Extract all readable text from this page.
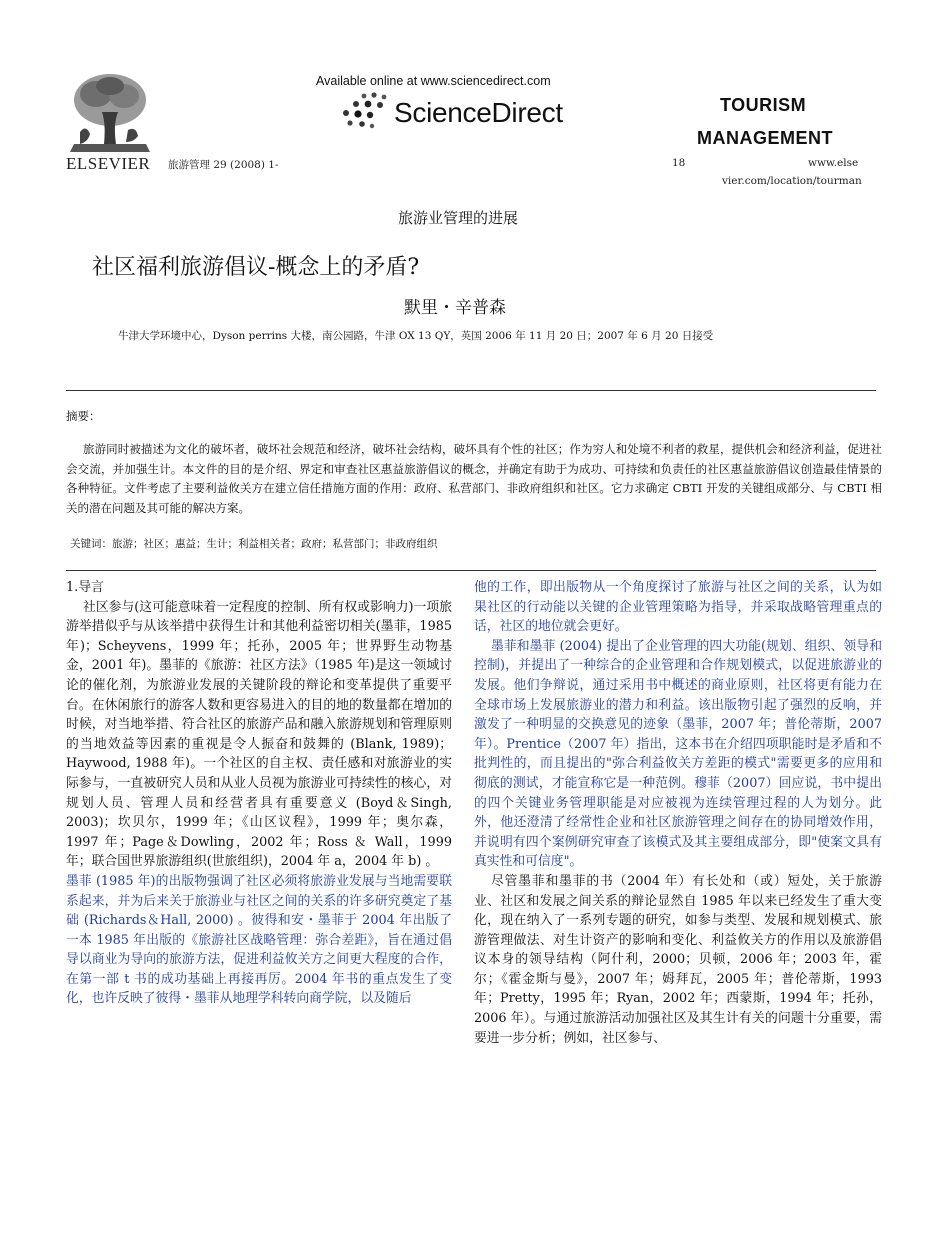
ELSEVIER 旅游管理 29 (2008) 1-	18
Available online at www.sciencedirect.com
ScienceDirect	TOURISM
MANAGEMENT
www.else
vier.com/location/tourman
旅游业管理的进展
社区福利旅游倡议-概念上的矛盾?
默里・辛普森
牛津大学环境中心，Dyson perrins 大楼，南公园路，牛津 OX 13 QY，英国 2006 年 11 月 20 日；2007 年 6 月 20 日接受
摘要：
旅游同时被描述为文化的破坏者，破坏社会规范和经济，破坏社会结构，破坏具有个性的社区；作为穷人和处境不利者的救星，提供机会和经济利益，促进社会交流，并加强生计。本文件的目的是介绍、界定和审查社区惠益旅游倡议的概念，并确定有助于为成功、可持续和负责任的社区惠益旅游倡议创造最佳情景的各种特征。文件考虑了主要利益攸关方在建立信任措施方面的作用：政府、私营部门、非政府组织和社区。它力求确定 CBTI 开发的关键组成部分、与 CBTI 相关的潜在问题及其可能的解决方案。
关键词：旅游；社区；惠益；生计；利益相关者；政府；私营部门；非政府组织

1.导言

社区参与(这可能意味着一定程度的控制、所有权或影响力)一项旅游举措似乎与从该举措中获得生计和其他利益密切相关(墨菲，1985 年)；Scheyvens，1999 年；托孙，2005 年；世界野生动物基金，2001 年)。墨菲的《旅游：社区方法》（1985 年)是这一领域讨论的催化剂，为旅游业发展的关键阶段的辩论和变革提供了重要平台。在休闲旅行的游客人数和更容易进入的目的地的数量都在增加的时候，对当地举措、符合社区的旅游产品和融入旅游规划和管理原则的当地效益等因素的重视是令人振奋和鼓舞的 (Blank, 1989)；Haywood, 1988 年)。一个社区的自主权、责任感和对旅游业的实际参与，一直被研究人员和从业人员视为旅游业可持续性的核心，对规划人员、管理人员和经营者具有重要意义 (Boyd＆Singh, 2003)；坎贝尔，1999 年；《山区议程》，1999 年；奥尔森，1997 年；Page＆Dowling，2002 年；Ross ＆ Wall，1999 年；联合国世界旅游组织(世旅组织)，2004 年 a，2004 年 b) 。

墨菲 (1985 年)的出版物强调了社区必须将旅游业发展与当地需要联系起来，并为后来关于旅游业与社区之间的关系的许多研究奠定了基础 (Richards＆Hall, 2000) 。彼得和安・墨菲于 2004 年出版了一本 1985 年出版的《旅游社区战略管理：弥合差距》，旨在通过倡导以商业为导向的旅游方法，促进利益攸关方之间更大程度的合作，在第一部 t 书的成功基础上再接再厉。2004 年书的重点发生了变化，也许反映了彼得・墨菲从地理学科转向商学院，以及随后

他的工作，即出版物从一个角度探讨了旅游与社区之间的关系，认为如果社区的行动能以关键的企业管理策略为指导，并采取战略管理重点的话，社区的地位就会更好。

墨菲和墨菲 (2004) 提出了企业管理的四大功能(规划、组织、领导和控制)，并提出了一种综合的企业管理和合作规划模式，以促进旅游业的发展。他们争辩说，通过采用书中概述的商业原则，社区将更有能力在全球市场上发展旅游业的潜力和利益。该出版物引起了强烈的反响，并激发了一种明显的交换意见的迹象（墨菲，2007 年；普伦蒂斯，2007 年）。Prentice（2007 年）指出，这本书在介绍四项职能时是矛盾和不批判性的，而且提出的"弥合利益攸关方差距的模式"需要更多的应用和彻底的测试，才能宣称它是一种范例。穆菲（2007）回应说，书中提出的四个关键业务管理职能是对应被视为连续管理过程的人为划分。此外，他还澄清了经常性企业和社区旅游管理之间存在的协同增效作用，并说明有四个案例研究审查了该模式及其主要组成部分，即"使案文具有真实性和可信度"。

尽管墨菲和墨菲的书（2004 年）有长处和（或）短处，关于旅游业、社区和发展之间关系的辩论显然自 1985 年以来已经发生了重大变化，现在纳入了一系列专题的研究，如参与类型、发展和规划模式、旅游管理做法、对生计资产的影响和变化、利益攸关方的作用以及旅游倡议本身的领导结构（阿什利，2000；贝顿，2006 年；2003 年，霍尔；《霍金斯与曼》，2007 年；姆拜瓦，2005 年；普伦蒂斯，1993 年；Pretty，1995 年；Ryan，2002 年；西蒙斯，1994 年；托孙，2006 年）。与通过旅游活动加强社区及其生计有关的问题十分重要，需要进一步分析；例如，社区参与、
